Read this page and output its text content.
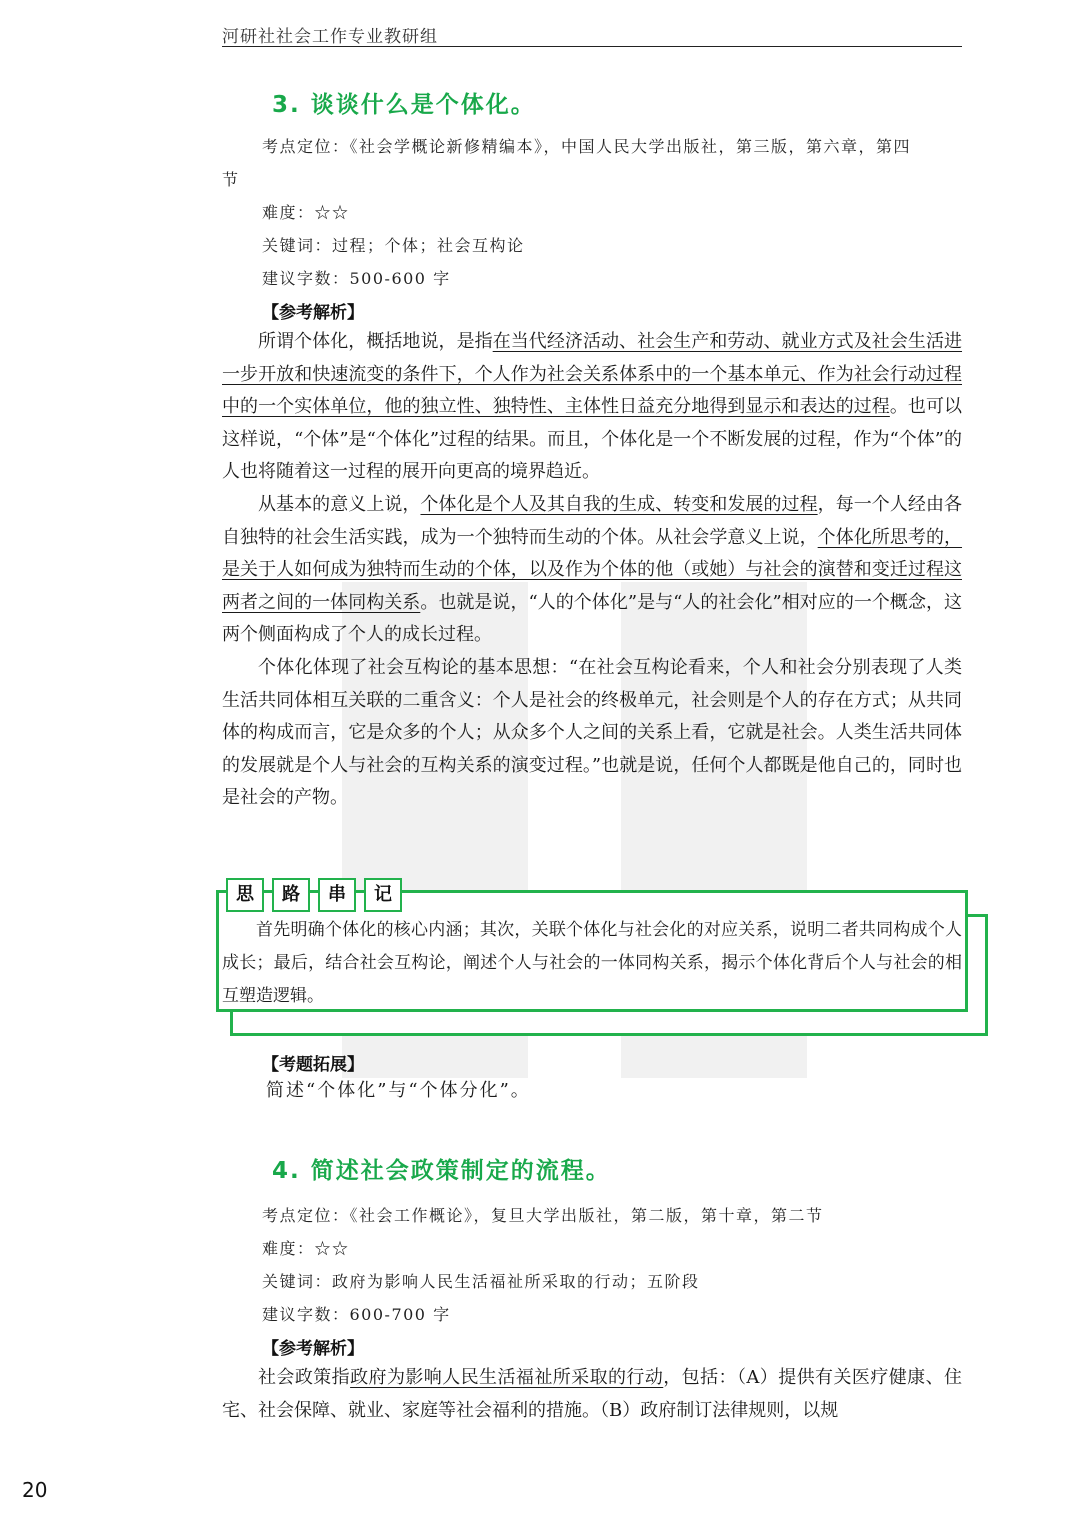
河研社社会工作专业教研组
3. 谈谈什么是个体化。
考点定位：《社会学概论新修精编本》，中国人民大学出版社，第三版，第六章，第四
节
难度：☆☆
关键词：过程；个体；社会互构论
建议字数：500-600 字
【参考解析】

所谓个体化，概括地说，是指在当代经济活动、社会生产和劳动、就业方式及社会生活进一步开放和快速流变的条件下，个人作为社会关系体系中的一个基本单元、作为社会行动过程中的一个实体单位，他的独立性、独特性、主体性日益充分地得到显示和表达的过程。也可以这样说，“个体”是“个体化”过程的结果。而且，个体化是一个不断发展的过程，作为“个体”的人也将随着这一过程的展开向更高的境界趋近。

从基本的意义上说，个体化是个人及其自我的生成、转变和发展的过程，每一个人经由各自独特的社会生活实践，成为一个独特而生动的个体。从社会学意义上说，个体化所思考的，是关于人如何成为独特而生动的个体，以及作为个体的他（或她）与社会的演替和变迁过程这两者之间的一体同构关系。也就是说，“人的个体化”是与“人的社会化”相对应的一个概念，这两个侧面构成了个人的成长过程。

个体化体现了社会互构论的基本思想：“在社会互构论看来，个人和社会分别表现了人类生活共同体相互关联的二重含义：个人是社会的终极单元，社会则是个人的存在方式；从共同体的构成而言，它是众多的个人；从众多个人之间的关系上看，它就是社会。人类生活共同体的发展就是个人与社会的互构关系的演变过程。”也就是说，任何个人都既是他自己的，同时也是社会的产物。

思	路	串	记

首先明确个体化的核心内涵；其次，关联个体化与社会化的对应关系，说明二者共同构成个人成长；最后，结合社会互构论，阐述个人与社会的一体同构关系，揭示个体化背后个人与社会的相互塑造逻辑。

【考题拓展】
简述“个体化”与“个体分化”。
4. 简述社会政策制定的流程。
考点定位：《社会工作概论》，复旦大学出版社，第二版，第十章，第二节
难度：☆☆
关键词：政府为影响人民生活福祉所采取的行动；五阶段
建议字数：600-700 字
【参考解析】

社会政策指政府为影响人民生活福祉所采取的行动，包括：（A）提供有关医疗健康、住宅、社会保障、就业、家庭等社会福利的措施。（B）政府制订法律规则，以规

20
